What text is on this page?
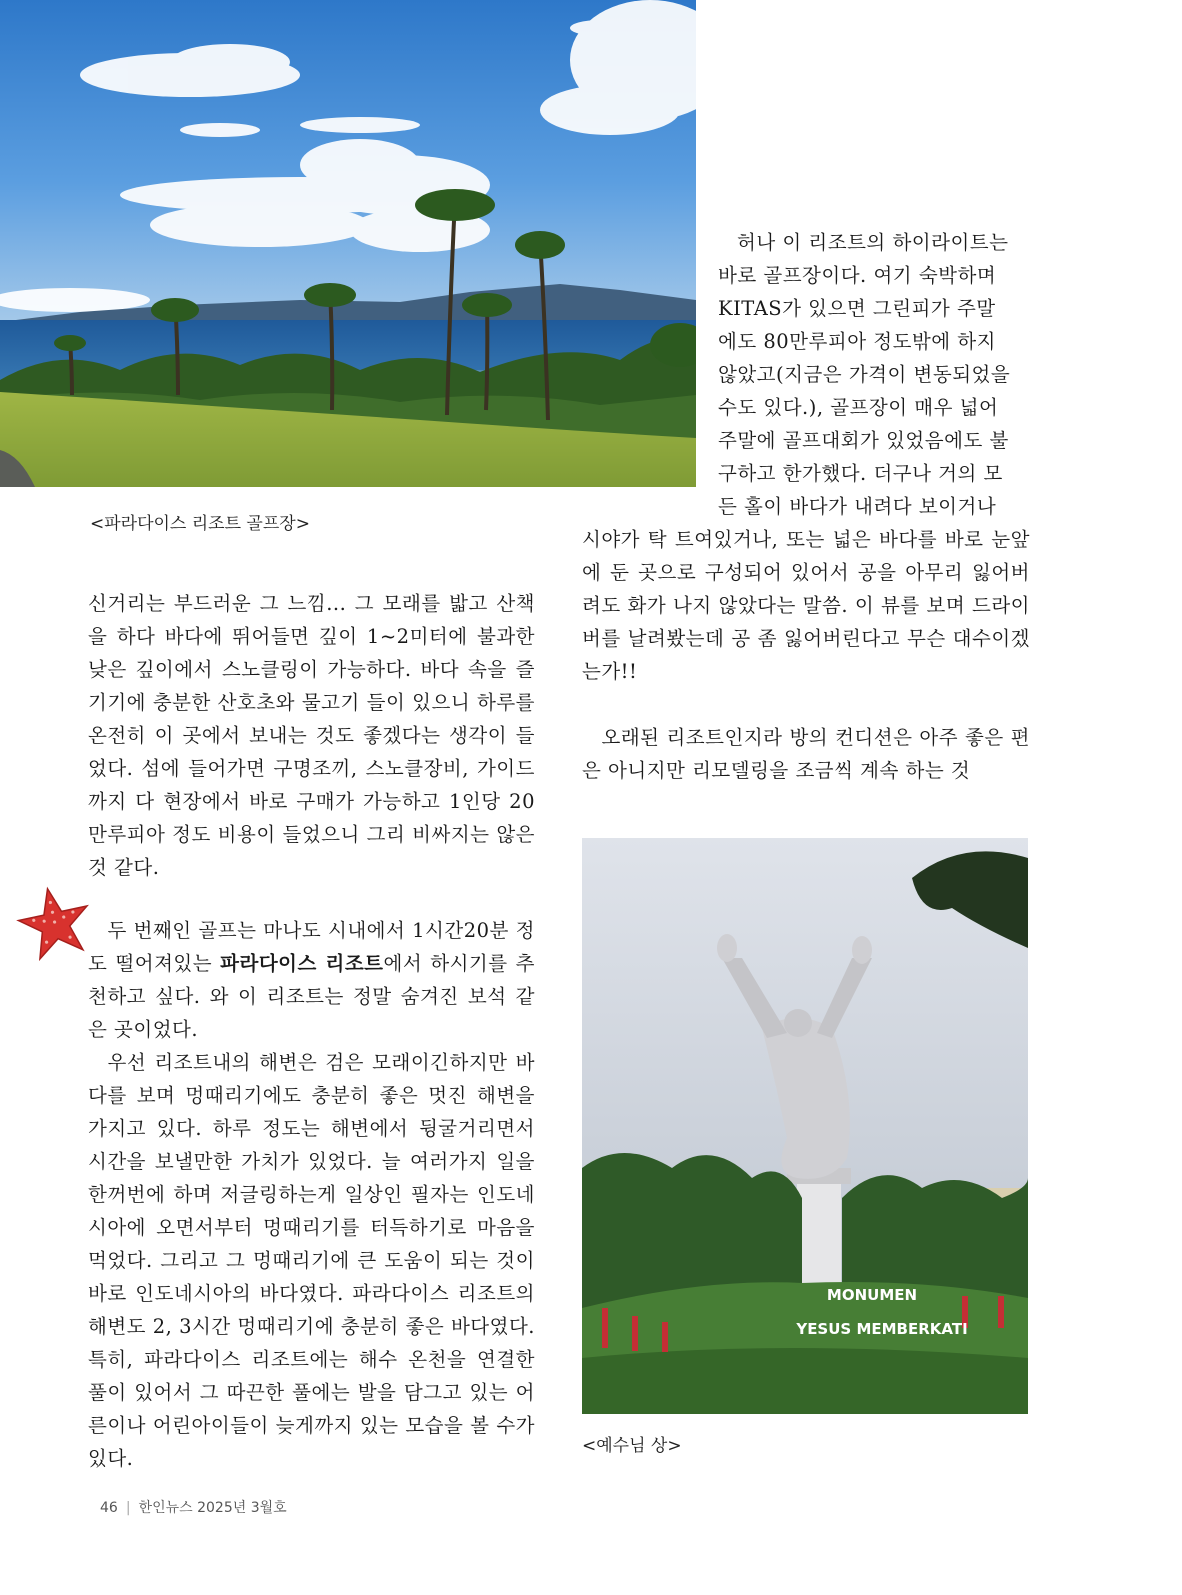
<파라다이스 리조트 골프장>
허나 이 리조트의 하이라이트는
바로 골프장이다. 여기 숙박하며
KITAS가 있으면 그린피가 주말
에도 80만루피아 정도밖에 하지
않았고(지금은 가격이 변동되었을
수도 있다.), 골프장이 매우 넓어
주말에 골프대회가 있었음에도 불
구하고 한가했다. 더구나 거의 모
든 홀이 바다가 내려다 보이거나

시야가 탁 트여있거나, 또는 넓은 바다를 바로 눈앞에 둔 곳으로 구성되어 있어서 공을 아무리 잃어버려도 화가 나지 않았다는 말씀. 이 뷰를 보며 드라이버를 날려봤는데 공 좀 잃어버린다고 무슨 대수이겠는가!!

오래된 리조트인지라 방의 컨디션은 아주 좋은 편은 아니지만 리모델링을 조금씩 계속 하는 것

신거리는 부드러운 그 느낌... 그 모래를 밟고 산책을 하다 바다에 뛰어들면 깊이 1~2미터에 불과한 낮은 깊이에서 스노클링이 가능하다. 바다 속을 즐기기에 충분한 산호초와 물고기 들이 있으니 하루를 온전히 이 곳에서 보내는 것도 좋겠다는 생각이 들었다. 섬에 들어가면 구명조끼, 스노클장비, 가이드까지 다 현장에서 바로 구매가 가능하고 1인당 20만루피아 정도 비용이 들었으니 그리 비싸지는 않은 것 같다.

두 번째인 골프는 마나도 시내에서 1시간20분 정도 떨어져있는 파라다이스 리조트에서 하시기를 추천하고 싶다. 와 이 리조트는 정말 숨겨진 보석 같은 곳이었다.

우선 리조트내의 해변은 검은 모래이긴하지만 바다를 보며 멍때리기에도 충분히 좋은 멋진 해변을 가지고 있다. 하루 정도는 해변에서 뒹굴거리면서 시간을 보낼만한 가치가 있었다. 늘 여러가지 일을 한꺼번에 하며 저글링하는게 일상인 필자는 인도네시아에 오면서부터 멍때리기를 터득하기로 마음을 먹었다. 그리고 그 멍때리기에 큰 도움이 되는 것이 바로 인도네시아의 바다였다. 파라다이스 리조트의 해변도 2, 3시간 멍때리기에 충분히 좋은 바다였다. 특히, 파라다이스 리조트에는 해수 온천을 연결한 풀이 있어서 그 따끈한 풀에는 발을 담그고 있는 어른이나 어린아이들이 늦게까지 있는 모습을 볼 수가 있다.

MONUMEN
YESUS MEMBERKATI
<예수님 상>
46 | 한인뉴스 2025년 3월호
